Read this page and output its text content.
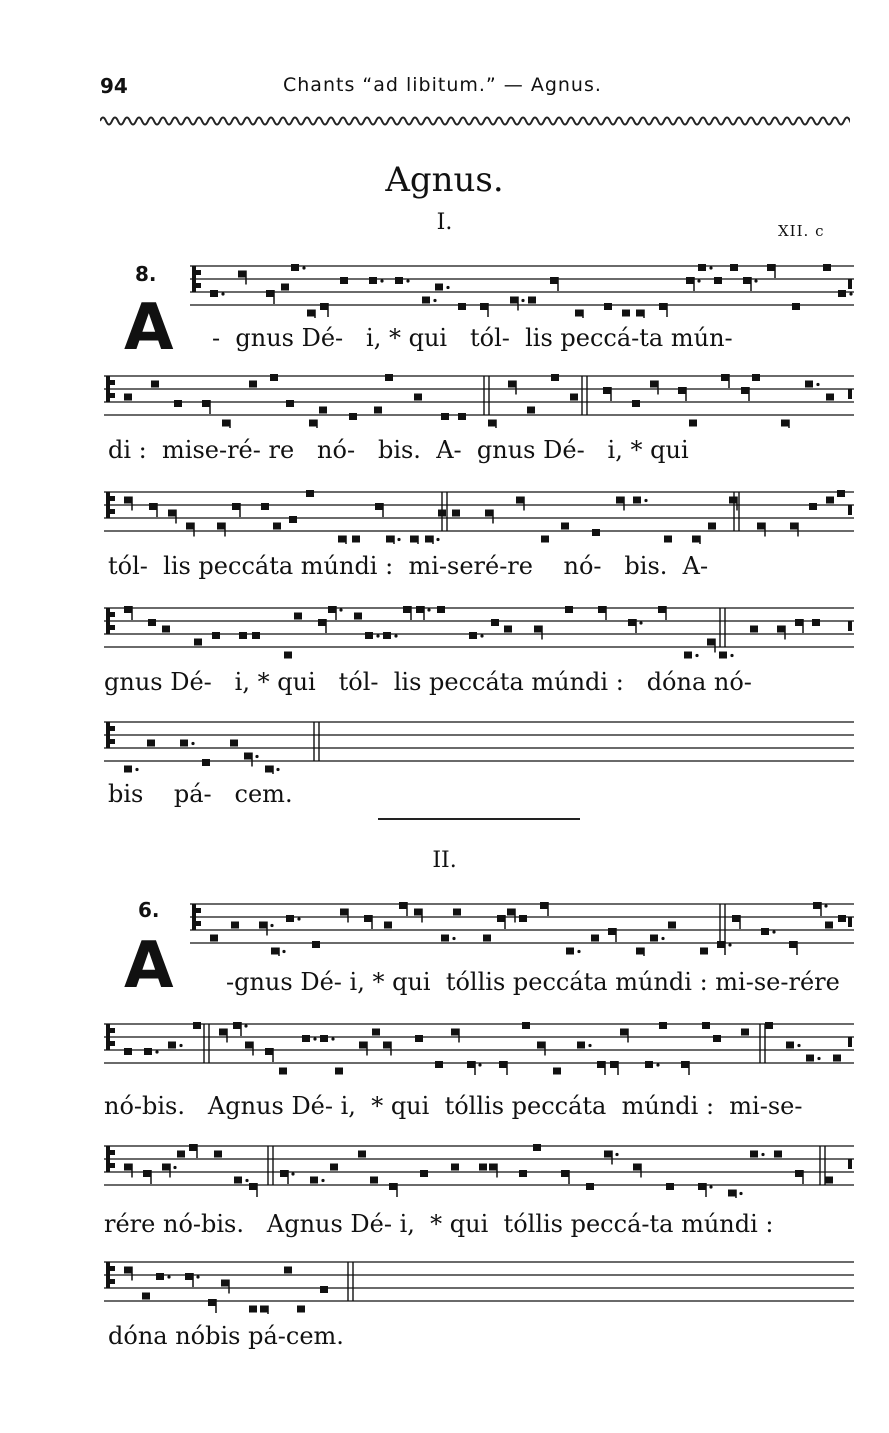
94	Chants “ad libitum.” — Agnus.
Agnus.
I.
8.
XII. c
A -  gnus Dé-   i, * qui   tól-  lis peccá-ta mún-
di :  mise-ré- re   nó-   bis.  A-  gnus Dé-   i, * qui
tól-  lis peccáta múndi :  mi-seré-re    nó-   bis.  A-
gnus Dé-   i, * qui   tól-  lis peccáta múndi :   dóna nó-
bis    pá-   cem.
II.
6.
A -gnus Dé- i, * qui  tóllis peccáta múndi : mi-se-rére
nó-bis.   Agnus Dé- i,  * qui  tóllis peccáta  múndi :  mi-se-
rére nó-bis.   Agnus Dé- i,  * qui  tóllis peccá-ta múndi :
dóna nóbis pá-cem.
